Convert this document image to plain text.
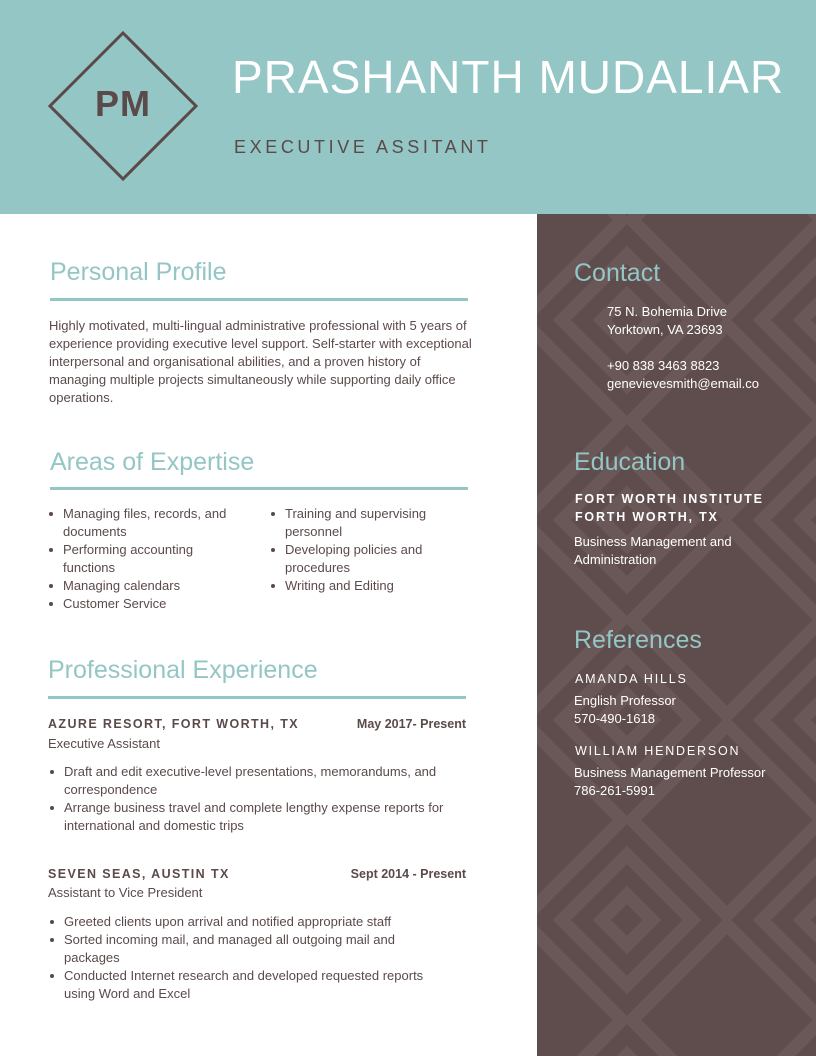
PM
PRASHANTH MUDALIAR
EXECUTIVE ASSITANT
Personal Profile
Highly motivated, multi-lingual administrative professional with 5 years of experience providing executive level support. Self-starter with exceptional interpersonal and organisational abilities, and a proven history of managing multiple projects simultaneously while supporting daily office operations.
Areas of Expertise
Managing files, records, and documents
Performing accounting functions
Managing calendars
Customer Service
Training and supervising personnel
Developing policies and procedures
Writing and Editing
Professional Experience
AZURE RESORT, FORT WORTH, TX	May 2017- Present
Executive Assistant
Draft and edit executive-level presentations, memorandums, and correspondence
Arrange business travel and complete lengthy expense reports for international and domestic trips
SEVEN SEAS, AUSTIN TX	Sept 2014 - Present
Assistant to Vice President
Greeted clients upon arrival and notified appropriate staff
Sorted incoming mail, and managed all outgoing mail and packages
Conducted Internet research and developed requested reports using Word and Excel
Contact
75 N. Bohemia Drive
Yorktown, VA 23693
+90 838 3463 8823
genevievesmith@email.co
Education
FORT WORTH INSTITUTE
FORTH WORTH, TX
Business Management and
Administration
References
AMANDA HILLS
English Professor
570-490-1618
WILLIAM HENDERSON
Business Management Professor
786-261-5991
